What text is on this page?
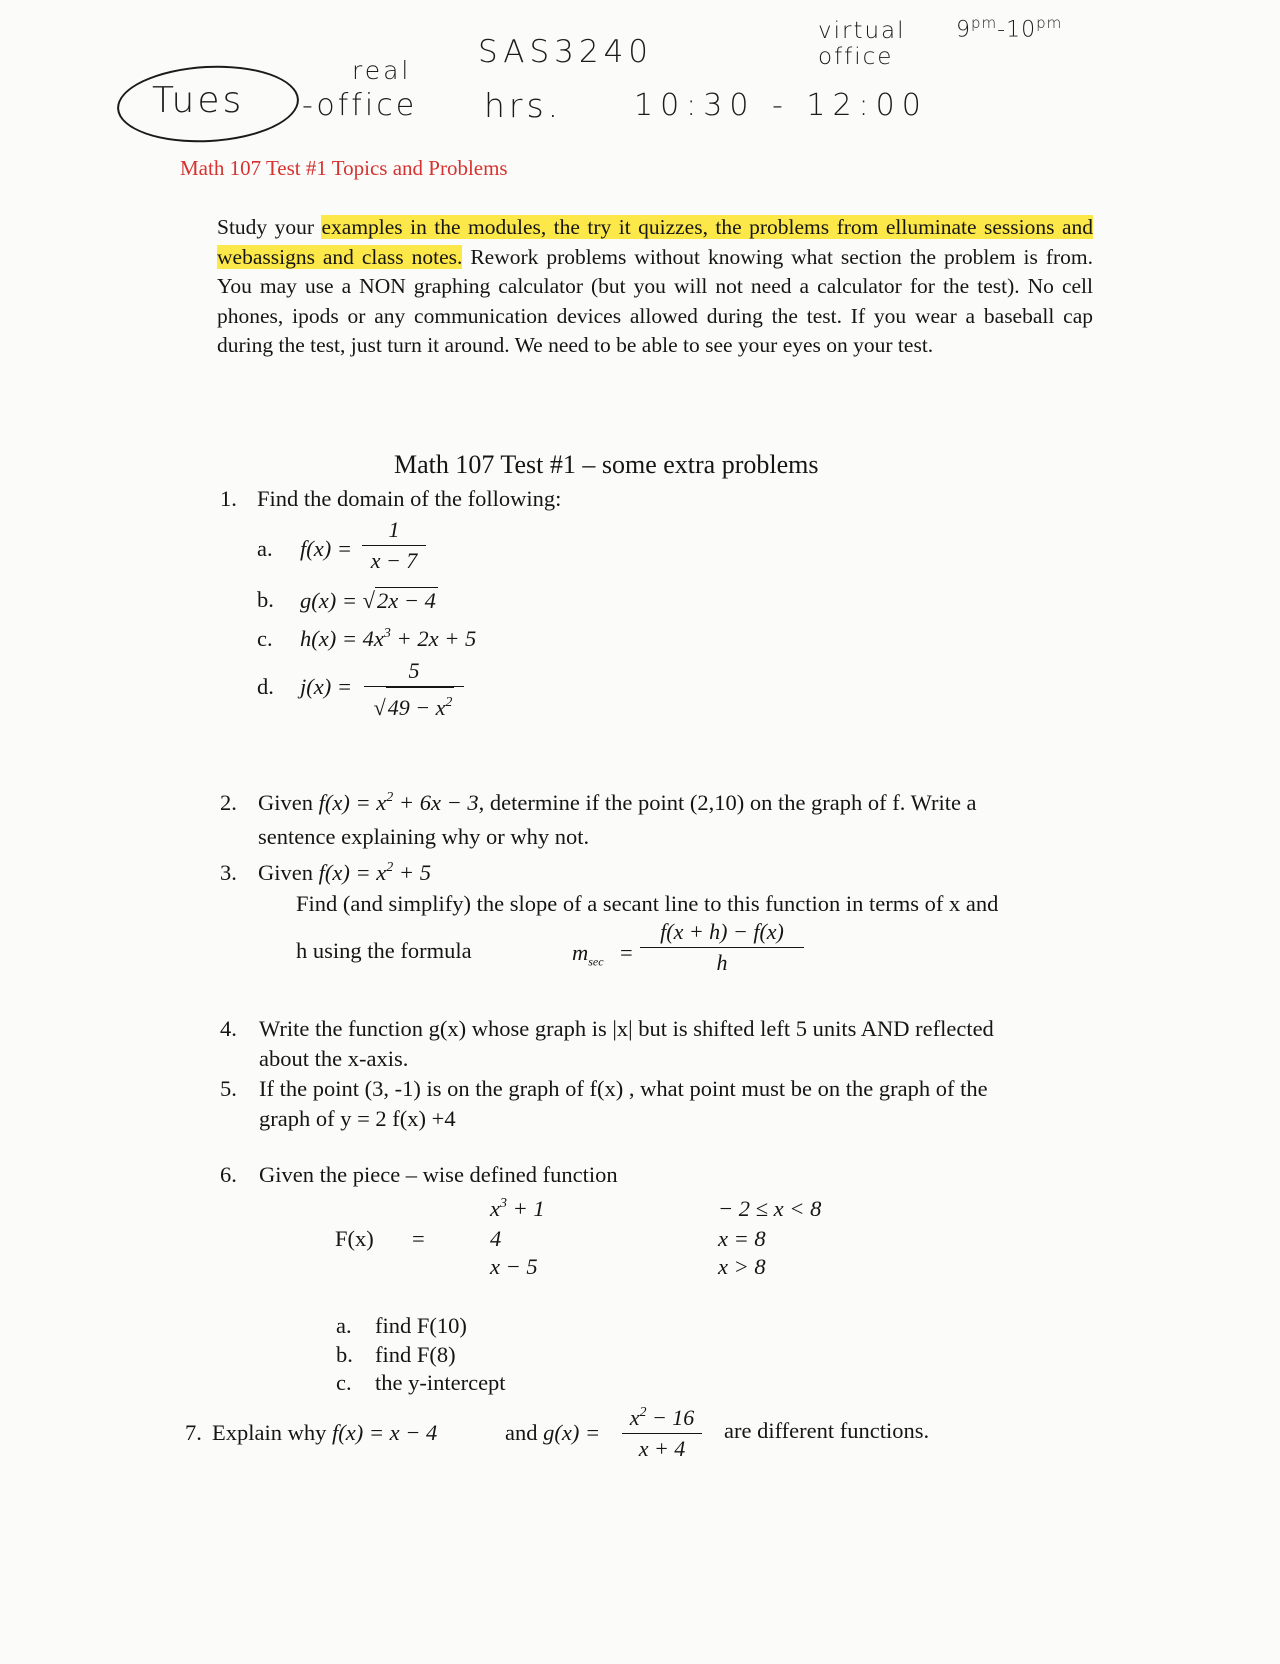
SAS3240
real
virtual
office
$9^{pm}-10^{pm}$
Tues -office hrs. 10:30 - 12:00
Math 107 Test #1 Topics and Problems
Study your examples in the modules, the try it quizzes, the problems from elluminate sessions and webassigns and class notes. Rework problems without knowing what section the problem is from. You may use a NON graphing calculator (but you will not need a calculator for the test). No cell phones, ipods or any communication devices allowed during the test. If you wear a baseball cap during the test, just turn it around. We need to be able to see your eyes on your test.
Math 107 Test #1 – some extra problems
1. Find the domain of the following:
a. f(x) =
1
x − 7
b. g(x) = √2x − 4
c. $h(x) = 4x^3 + 2x + 5$
d. j(x) =
5
$√49 - x^2$
2. Given $f(x) = x^2 + 6x - 3$, determine if the point (2,10) on the graph of f. Write a
sentence explaining why or why not.
3. Given $f(x) = x^2 + 5$
Find (and simplify) the slope of a secant line to this function in terms of x and
h using the formula	$m_{sec}$ =
f(x + h) − f(x)
h
4. Write the function g(x) whose graph is |x| but is shifted left 5 units AND reflected
about the x-axis.
5. If the point (3, -1) is on the graph of f(x) , what point must be on the graph of the
graph of y = 2 f(x) +4
6. Given the piece – wise defined function
F(x) =
$x^3 + 1$
4
x − 5
− 2 ≤ x < 8
x = 8
x > 8
a. find F(10)
b. find F(8)
c. the y-intercept
7. Explain why f(x) = x − 4	and g(x) =
$x^2 - 16$
x + 4
are different functions.
